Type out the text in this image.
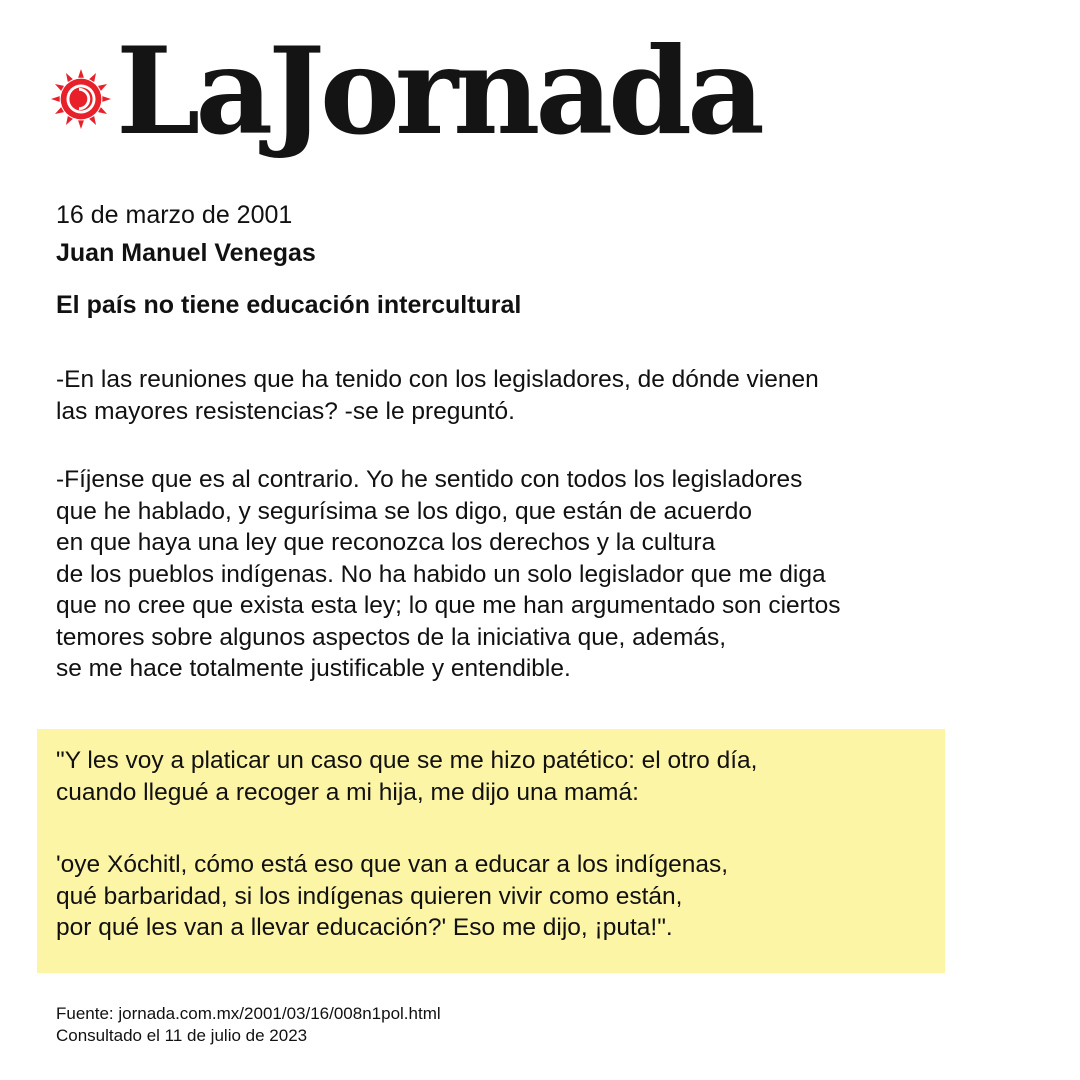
LaJornada
16 de marzo de 2001
Juan Manuel Venegas
El país no tiene educación intercultural
-En las reuniones que ha tenido con los legisladores, de dónde vienen
las mayores resistencias? -se le preguntó.
-Fíjense que es al contrario. Yo he sentido con todos los legisladores
que he hablado, y segurísima se los digo, que están de acuerdo
en que haya una ley que reconozca los derechos y la cultura
de los pueblos indígenas. No ha habido un solo legislador que me diga
que no cree que exista esta ley; lo que me han argumentado son ciertos
temores sobre algunos aspectos de la iniciativa que, además,
se me hace totalmente justificable y entendible.
"Y les voy a platicar un caso que se me hizo patético: el otro día,
cuando llegué a recoger a mi hija, me dijo una mamá:
'oye Xóchitl, cómo está eso que van a educar a los indígenas,
qué barbaridad, si los indígenas quieren vivir como están,
por qué les van a llevar educación?' Eso me dijo, ¡puta!".
Fuente: jornada.com.mx/2001/03/16/008n1pol.html
Consultado el 11 de julio de 2023
